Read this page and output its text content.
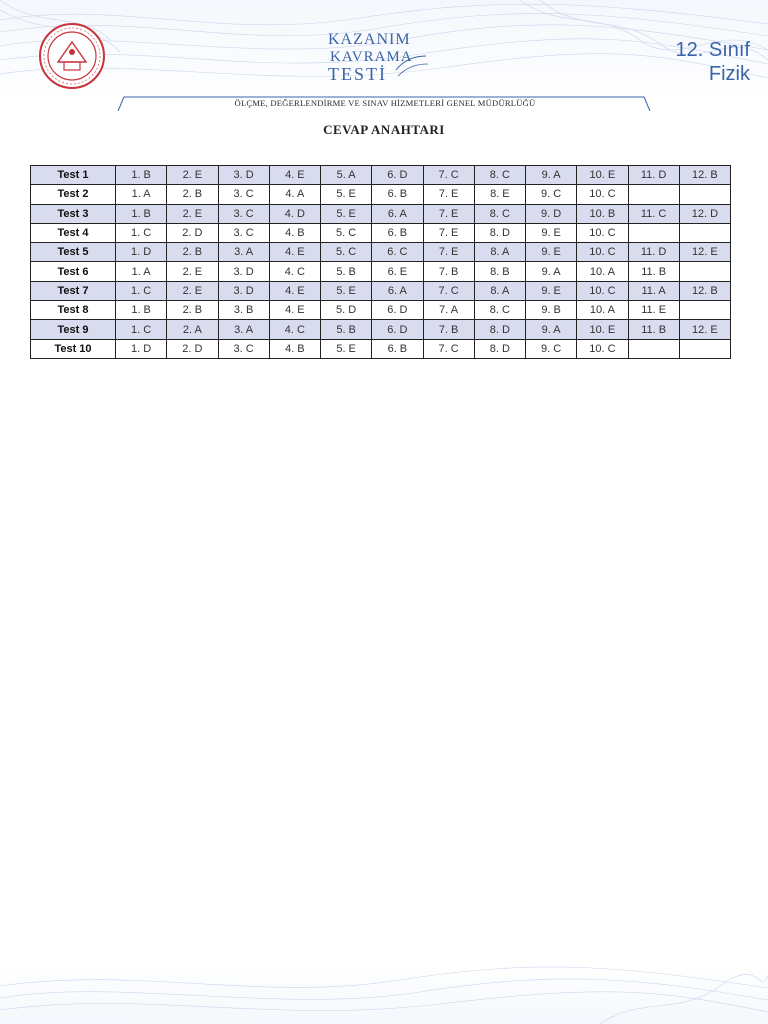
KAZANIM
KAVRAMA
TESTİ
12. Sınıf
Fizik
ÖLÇME, DEĞERLENDİRME VE SINAV HİZMETLERİ GENEL MÜDÜRLÜĞÜ
CEVAP ANAHTARI
Test 1	1. B	2. E	3. D	4. E	5. A	6. D	7. C	8. C	9. A	10. E	11. D	12. B
Test 2	1. A	2. B	3. C	4. A	5. E	6. B	7. E	8. E	9. C	10. C		
Test 3	1. B	2. E	3. C	4. D	5. E	6. A	7. E	8. C	9. D	10. B	11. C	12. D
Test 4	1. C	2. D	3. C	4. B	5. C	6. B	7. E	8. D	9. E	10. C		
Test 5	1. D	2. B	3. A	4. E	5. C	6. C	7. E	8. A	9. E	10. C	11. D	12. E
Test 6	1. A	2. E	3. D	4. C	5. B	6. E	7. B	8. B	9. A	10. A	11. B	
Test 7	1. C	2. E	3. D	4. E	5. E	6. A	7. C	8. A	9. E	10. C	11. A	12. B
Test 8	1. B	2. B	3. B	4. E	5. D	6. D	7. A	8. C	9. B	10. A	11. E	
Test 9	1. C	2. A	3. A	4. C	5. B	6. D	7. B	8. D	9. A	10. E	11. B	12. E
Test 10	1. D	2. D	3. C	4. B	5. E	6. B	7. C	8. D	9. C	10. C		
